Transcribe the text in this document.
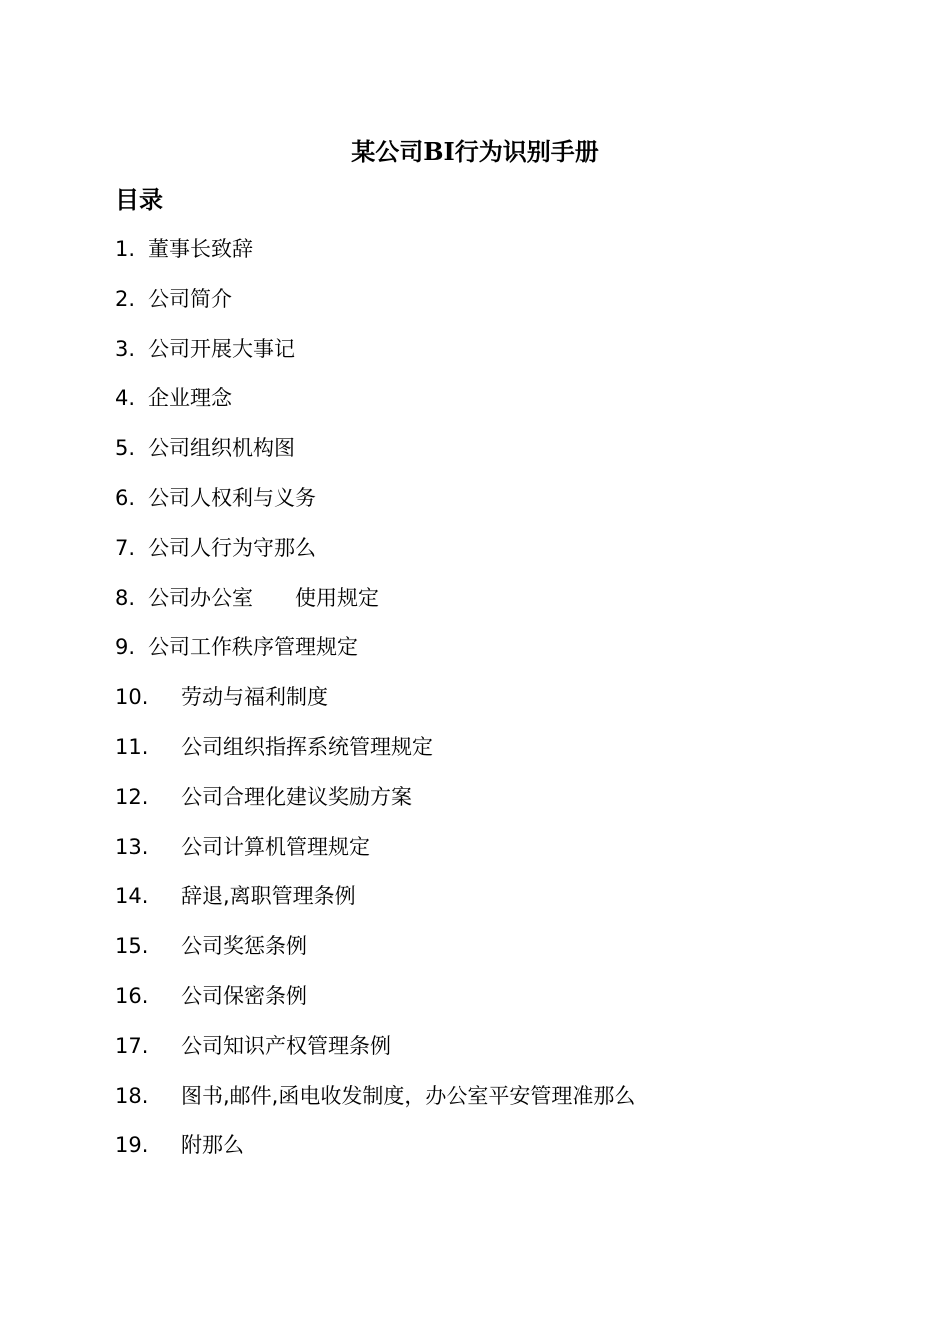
某公司BI行为识别手册
目录
1. 董事长致辞
2. 公司简介
3. 公司开展大事记
4. 企业理念
5. 公司组织机构图
6. 公司人权利与义务
7. 公司人行为守那么
8. 公司办公室　　使用规定
9. 公司工作秩序管理规定
10.	劳动与福利制度
11.	公司组织指挥系统管理规定
12.	公司合理化建议奖励方案
13.	公司计算机管理规定
14.	辞退,离职管理条例
15.	公司奖惩条例
16.	公司保密条例
17.	公司知识产权管理条例
18.	图书,邮件,函电收发制度，办公室平安管理准那么
19.	附那么
